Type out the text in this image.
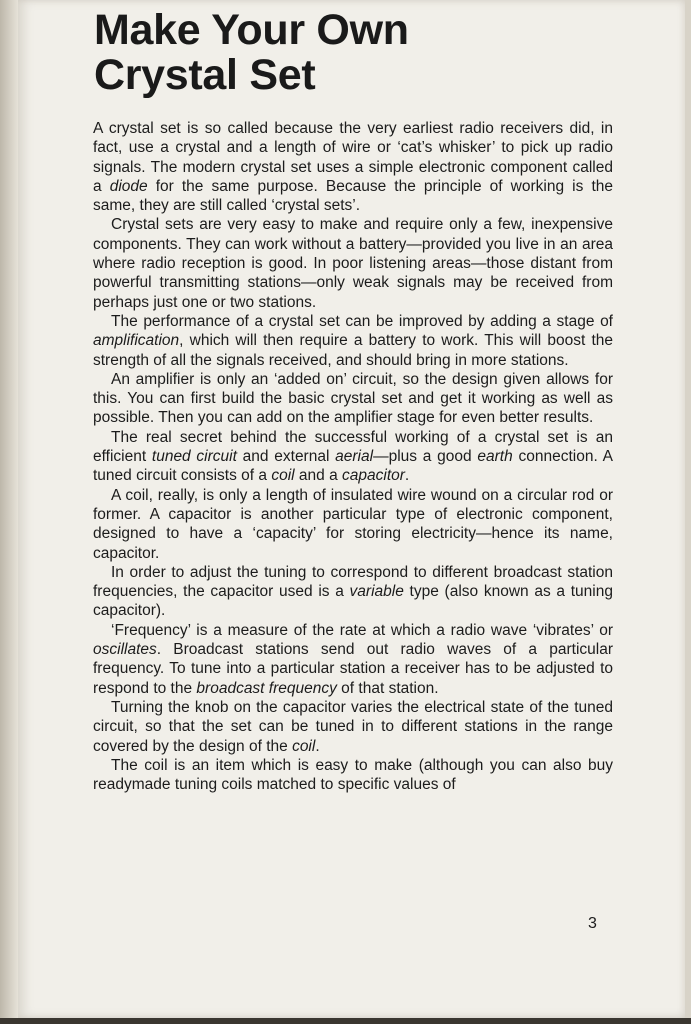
Make Your Own
Crystal Set

A crystal set is so called because the very earliest radio receivers did, in fact, use a crystal and a length of wire or ‘cat’s whisker’ to pick up radio signals. The modern crystal set uses a simple electronic component called a diode for the same purpose. Because the principle of working is the same, they are still called ‘crystal sets’.

Crystal sets are very easy to make and require only a few, inexpensive components. They can work without a battery—provided you live in an area where radio reception is good. In poor listening areas—those distant from powerful transmitting stations—only weak signals may be received from perhaps just one or two stations.

The performance of a crystal set can be improved by adding a stage of amplification, which will then require a battery to work. This will boost the strength of all the signals received, and should bring in more stations.

An amplifier is only an ‘added on’ circuit, so the design given allows for this. You can first build the basic crystal set and get it working as well as possible. Then you can add on the amplifier stage for even better results.

The real secret behind the successful working of a crystal set is an efficient tuned circuit and external aerial—plus a good earth connection. A tuned circuit consists of a coil and a capacitor.

A coil, really, is only a length of insulated wire wound on a circular rod or former. A capacitor is another particular type of electronic component, designed to have a ‘capacity’ for storing electricity—hence its name, capacitor.

In order to adjust the tuning to correspond to different broadcast station frequencies, the capacitor used is a variable type (also known as a tuning capacitor).

‘Frequency’ is a measure of the rate at which a radio wave ‘vibrates’ or oscillates. Broadcast stations send out radio waves of a particular frequency. To tune into a particular station a receiver has to be adjusted to respond to the broadcast frequency of that station.

Turning the knob on the capacitor varies the electrical state of the tuned circuit, so that the set can be tuned in to different stations in the range covered by the design of the coil.

The coil is an item which is easy to make (although you can also buy readymade tuning coils matched to specific values of

3
